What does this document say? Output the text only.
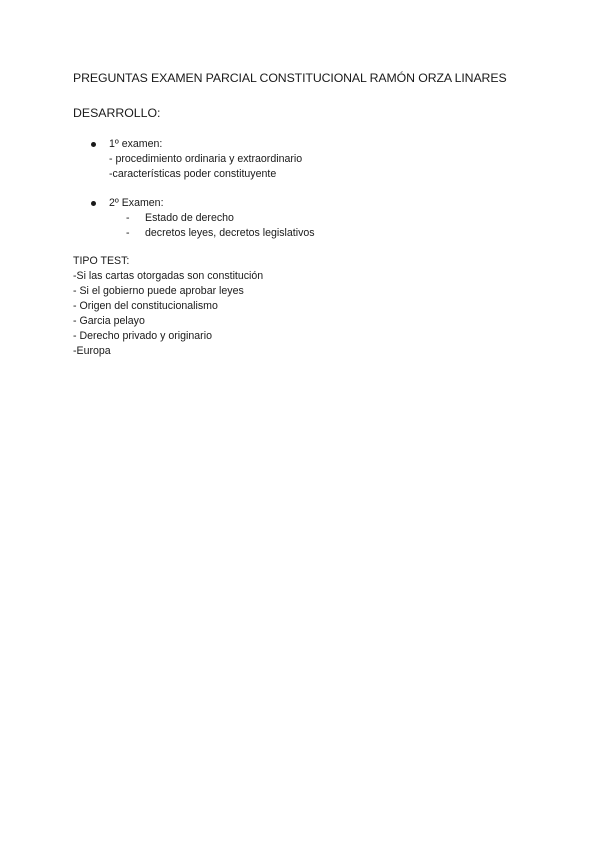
PREGUNTAS EXAMEN PARCIAL CONSTITUCIONAL RAMÓN ORZA LINARES
DESARROLLO:
1º examen:
- procedimiento ordinaria y extraordinario
-características poder constituyente
2º Examen:
- Estado de derecho
- decretos leyes, decretos legislativos
TIPO TEST:
-Si las cartas otorgadas son constitución
- Si el gobierno puede aprobar leyes
- Origen del constitucionalismo
- Garcia pelayo
- Derecho privado y originario
-Europa
